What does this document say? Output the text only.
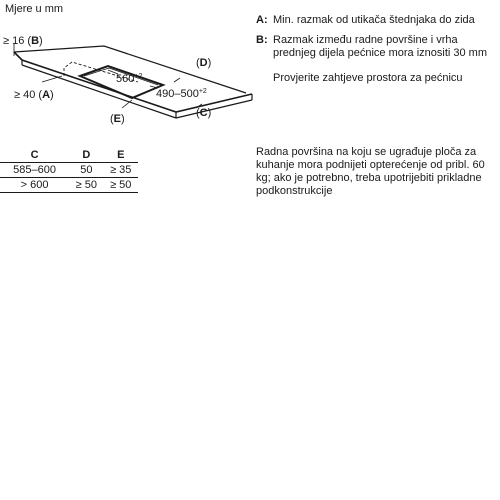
Mjere u mm
≥ 16 (B)
≥ 40 (A)
(D)
(C)
(E)
$560^{+2}$
$490-500^{+2}$
C	D	E
585–600	50	≥ 35
> 600	≥ 50	≥ 50
A: Min. razmak od utikača štednjaka do zida
B: Razmak između radne površine i vrha prednjeg dijela pećnice mora iznositi 30 mm
Provjerite zahtjeve prostora za pećnicu
Radna površina na koju se ugrađuje ploča za kuhanje mora podnijeti opterećenje od pribl. 60 kg; ako je potrebno, treba upotrijebiti prikladne podkonstrukcije
